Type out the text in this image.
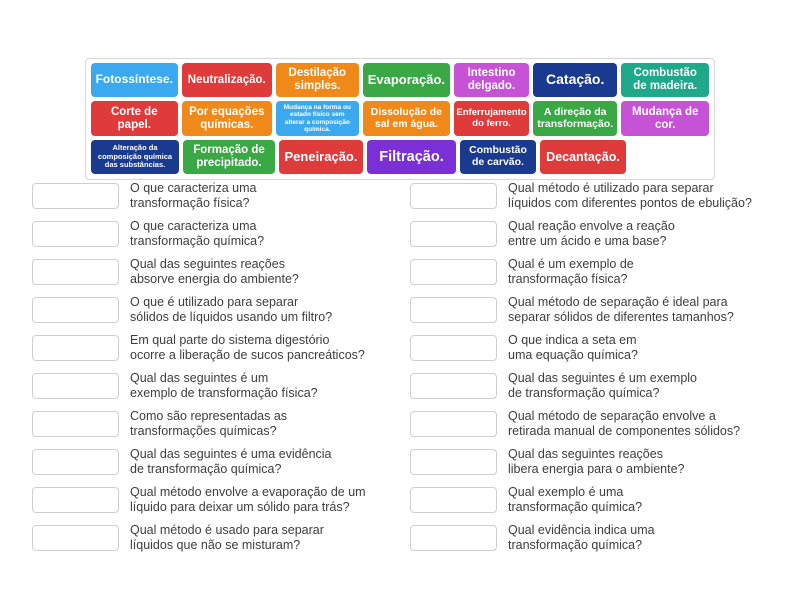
Fotossíntese.	Neutralização.
Destilação simples.	Evaporação.	Intestino delgado.	Catação.	Combustão de madeira.
Corte de papel.
Por equações químicas.
Mudança na forma ou estado físico sem alterar a composição química.
Dissolução de sal em água.
Enferrujamento do ferro.
A direção da transformação.
Mudança de cor.
Alteração da composição química das substâncias.
Formação de precipitado.	Peneiração.	Filtração.	Combustão de carvão.	Decantação.
O que caracteriza uma
transformação física?
O que caracteriza uma
transformação química?
Qual das seguintes reações
absorve energia do ambiente?
O que é utilizado para separar
sólidos de líquidos usando um filtro?
Em qual parte do sistema digestório
ocorre a liberação de sucos pancreáticos?
Qual das seguintes é um
exemplo de transformação física?
Como são representadas as
transformações químicas?
Qual das seguintes é uma evidência
de transformação química?
Qual método envolve a evaporação de um
líquido para deixar um sólido para trás?
Qual método é usado para separar
líquidos que não se misturam?
Qual método é utilizado para separar
líquidos com diferentes pontos de ebulição?
Qual reação envolve a reação
entre um ácido e uma base?
Qual é um exemplo de
transformação física?
Qual método de separação é ideal para
separar sólidos de diferentes tamanhos?
O que indica a seta em
uma equação química?
Qual das seguintes é um exemplo
de transformação química?
Qual método de separação envolve a
retirada manual de componentes sólidos?
Qual das seguintes reações
libera energia para o ambiente?
Qual exemplo é uma
transformação química?
Qual evidência indica uma
transformação química?
